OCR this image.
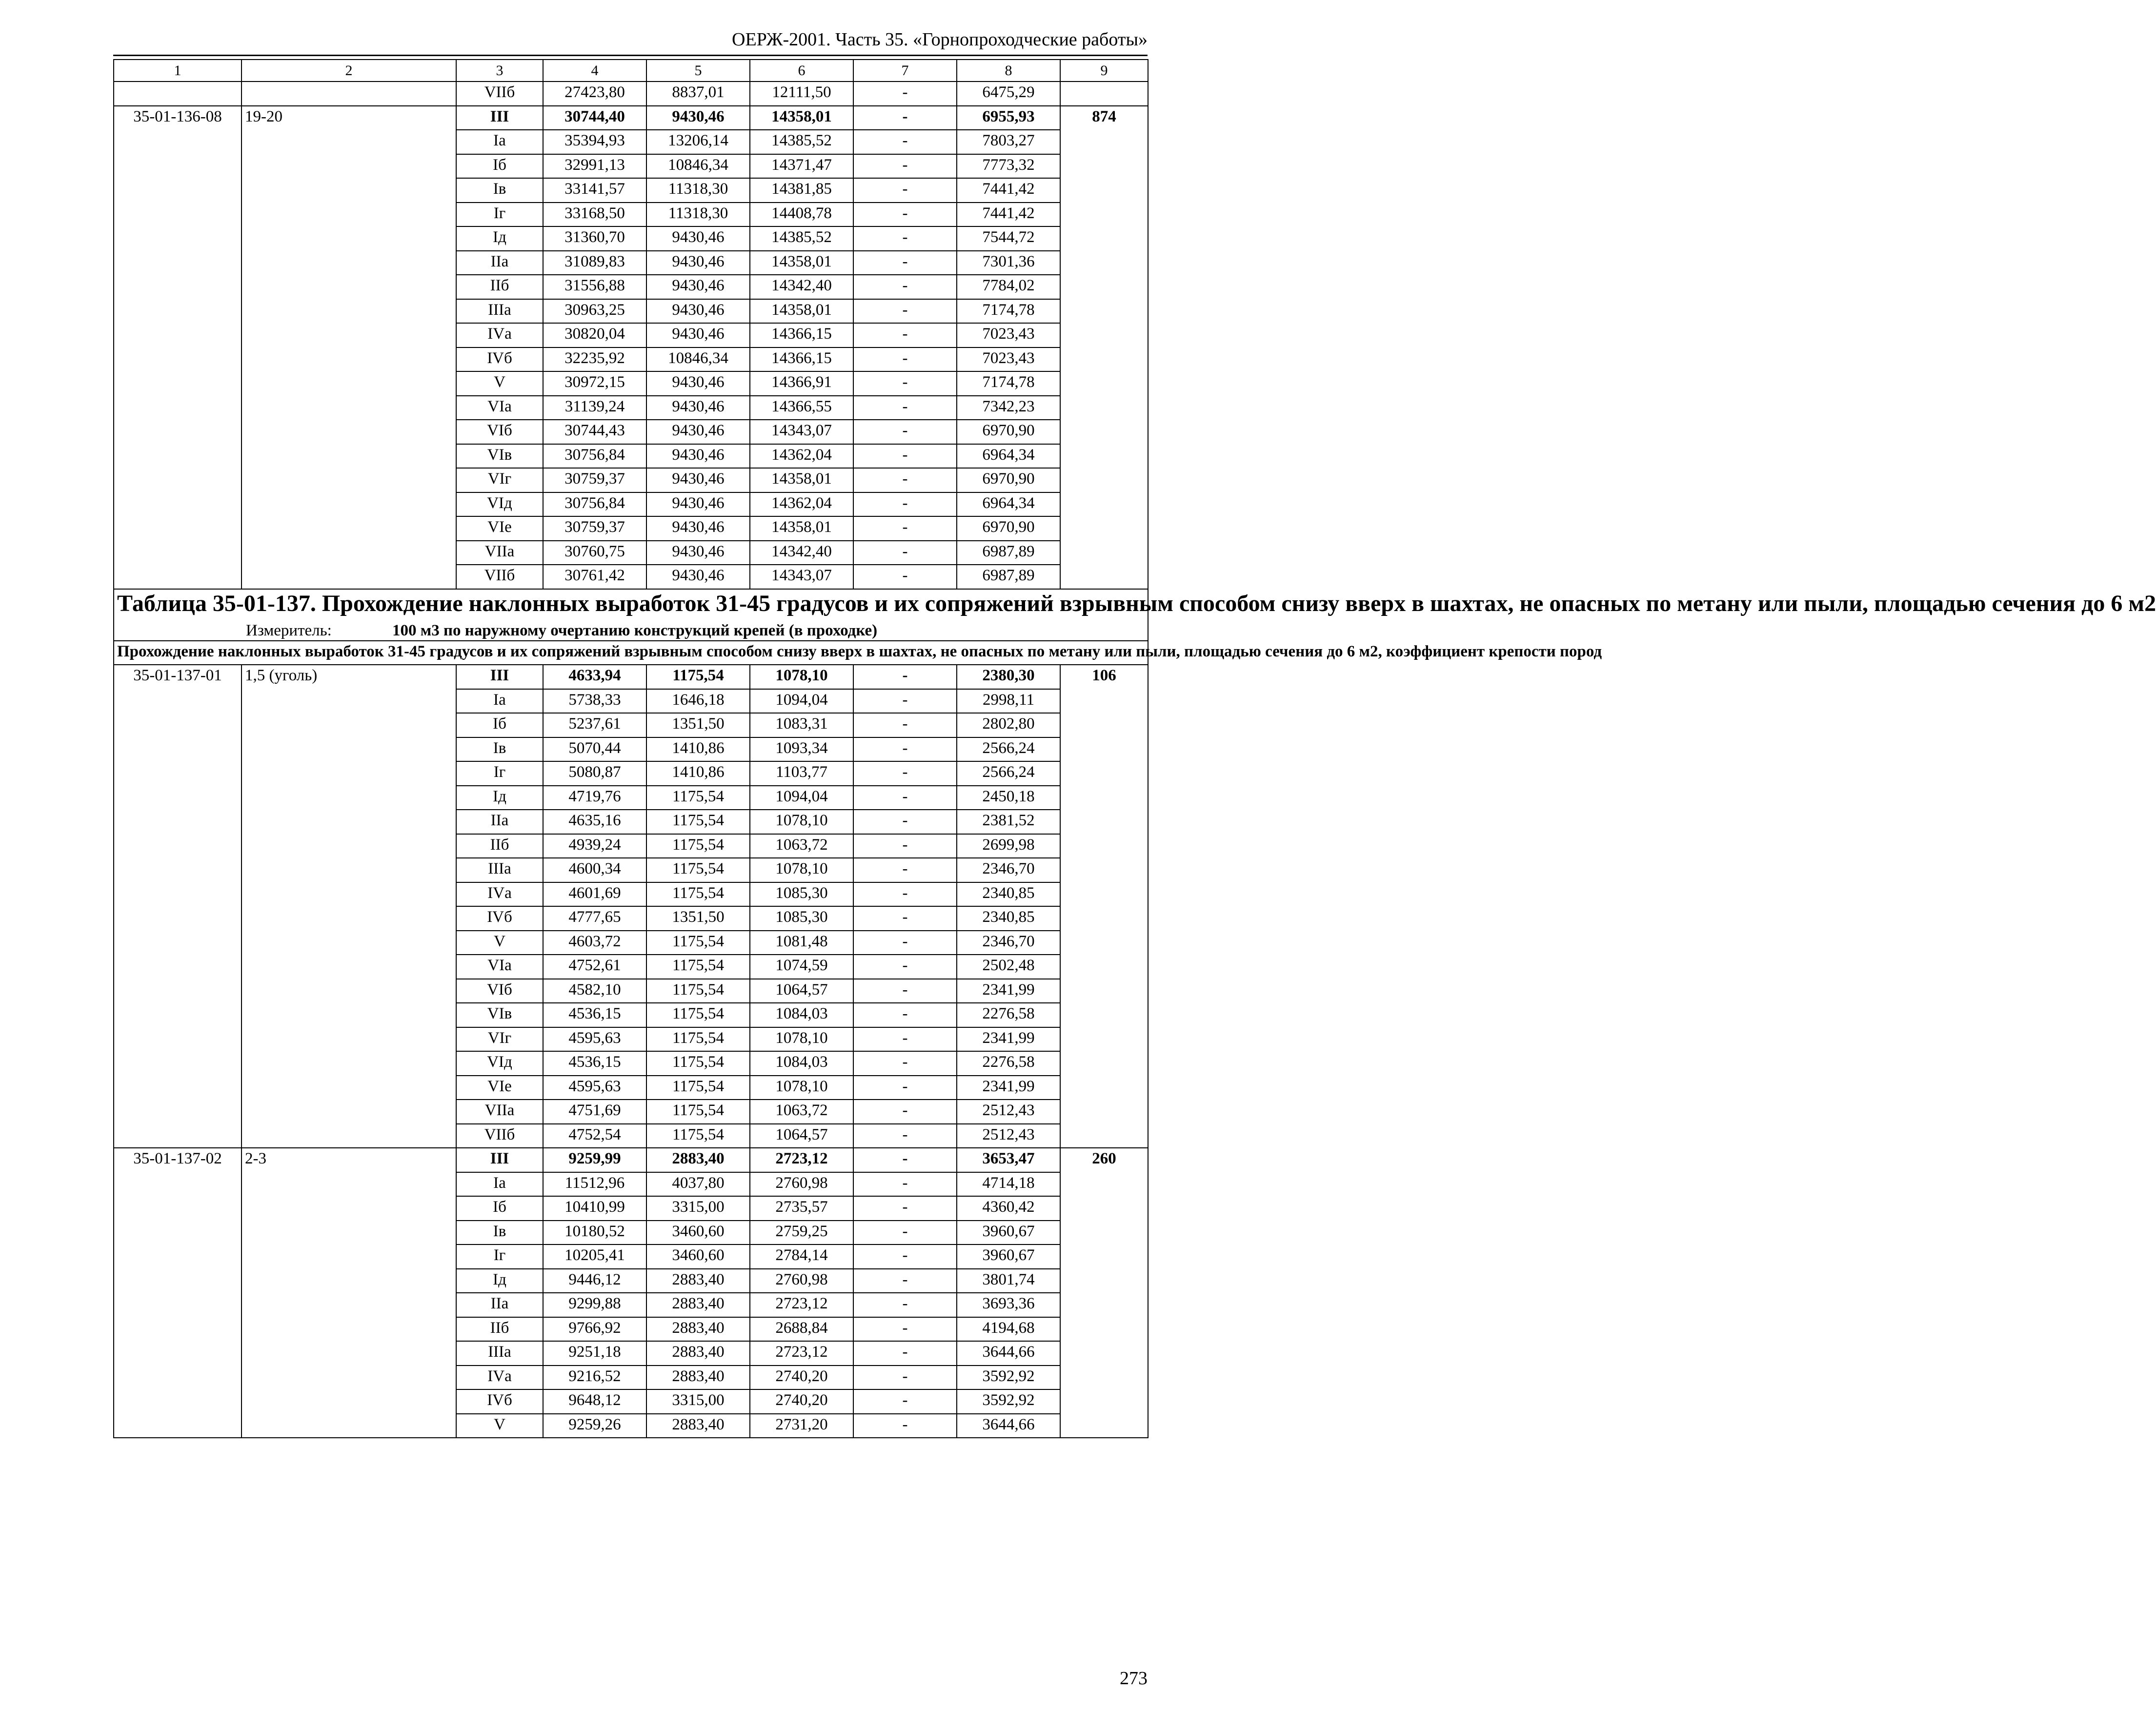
ОЕРЖ-2001. Часть 35. «Горнопроходческие работы»
1	2	3	4	5	6	7	8	9
		VIIб	27423,80	8837,01	12111,50	-	6475,29	
35-01-136-08	19-20	III	30744,40	9430,46	14358,01	-	6955,93	874
		Iа	35394,93	13206,14	14385,52	-	7803,27	
		Iб	32991,13	10846,34	14371,47	-	7773,32	
		Iв	33141,57	11318,30	14381,85	-	7441,42	
		Iг	33168,50	11318,30	14408,78	-	7441,42	
		Iд	31360,70	9430,46	14385,52	-	7544,72	
		IIа	31089,83	9430,46	14358,01	-	7301,36	
		IIб	31556,88	9430,46	14342,40	-	7784,02	
		IIIа	30963,25	9430,46	14358,01	-	7174,78	
		IVа	30820,04	9430,46	14366,15	-	7023,43	
		IVб	32235,92	10846,34	14366,15	-	7023,43	
		V	30972,15	9430,46	14366,91	-	7174,78	
		VIа	31139,24	9430,46	14366,55	-	7342,23	
		VIб	30744,43	9430,46	14343,07	-	6970,90	
		VIв	30756,84	9430,46	14362,04	-	6964,34	
		VIг	30759,37	9430,46	14358,01	-	6970,90	
		VIд	30756,84	9430,46	14362,04	-	6964,34	
		VIе	30759,37	9430,46	14358,01	-	6970,90	
		VIIа	30760,75	9430,46	14342,40	-	6987,89	
		VIIб	30761,42	9430,46	14343,07	-	6987,89	

Таблица 35-01-137. Прохождение наклонных выработок 31-45 градусов и их сопряжений взрывным способом снизу вверх в шахтах, не опасных по метану или пыли, площадью сечения до 6 м2
Измеритель: 100 м3 по наружному очертанию конструкций крепей (в проходке)								

Прохождение наклонных выработок 31-45 градусов и их сопряжений взрывным способом снизу вверх в шахтах, не опасных по метану или пыли, площадью сечения до 6 м2, коэффициент крепости пород								
35-01-137-01	1,5 (уголь)	III	4633,94	1175,54	1078,10	-	2380,30	106
		Iа	5738,33	1646,18	1094,04	-	2998,11	
		Iб	5237,61	1351,50	1083,31	-	2802,80	
		Iв	5070,44	1410,86	1093,34	-	2566,24	
		Iг	5080,87	1410,86	1103,77	-	2566,24	
		Iд	4719,76	1175,54	1094,04	-	2450,18	
		IIа	4635,16	1175,54	1078,10	-	2381,52	
		IIб	4939,24	1175,54	1063,72	-	2699,98	
		IIIа	4600,34	1175,54	1078,10	-	2346,70	
		IVа	4601,69	1175,54	1085,30	-	2340,85	
		IVб	4777,65	1351,50	1085,30	-	2340,85	
		V	4603,72	1175,54	1081,48	-	2346,70	
		VIа	4752,61	1175,54	1074,59	-	2502,48	
		VIб	4582,10	1175,54	1064,57	-	2341,99	
		VIв	4536,15	1175,54	1084,03	-	2276,58	
		VIг	4595,63	1175,54	1078,10	-	2341,99	
		VIд	4536,15	1175,54	1084,03	-	2276,58	
		VIе	4595,63	1175,54	1078,10	-	2341,99	
		VIIа	4751,69	1175,54	1063,72	-	2512,43	
		VIIб	4752,54	1175,54	1064,57	-	2512,43	
35-01-137-02	2-3	III	9259,99	2883,40	2723,12	-	3653,47	260
		Iа	11512,96	4037,80	2760,98	-	4714,18	
		Iб	10410,99	3315,00	2735,57	-	4360,42	
		Iв	10180,52	3460,60	2759,25	-	3960,67	
		Iг	10205,41	3460,60	2784,14	-	3960,67	
		Iд	9446,12	2883,40	2760,98	-	3801,74	
		IIа	9299,88	2883,40	2723,12	-	3693,36	
		IIб	9766,92	2883,40	2688,84	-	4194,68	
		IIIа	9251,18	2883,40	2723,12	-	3644,66	
		IVа	9216,52	2883,40	2740,20	-	3592,92	
		IVб	9648,12	3315,00	2740,20	-	3592,92	
		V	9259,26	2883,40	2731,20	-	3644,66	
273
